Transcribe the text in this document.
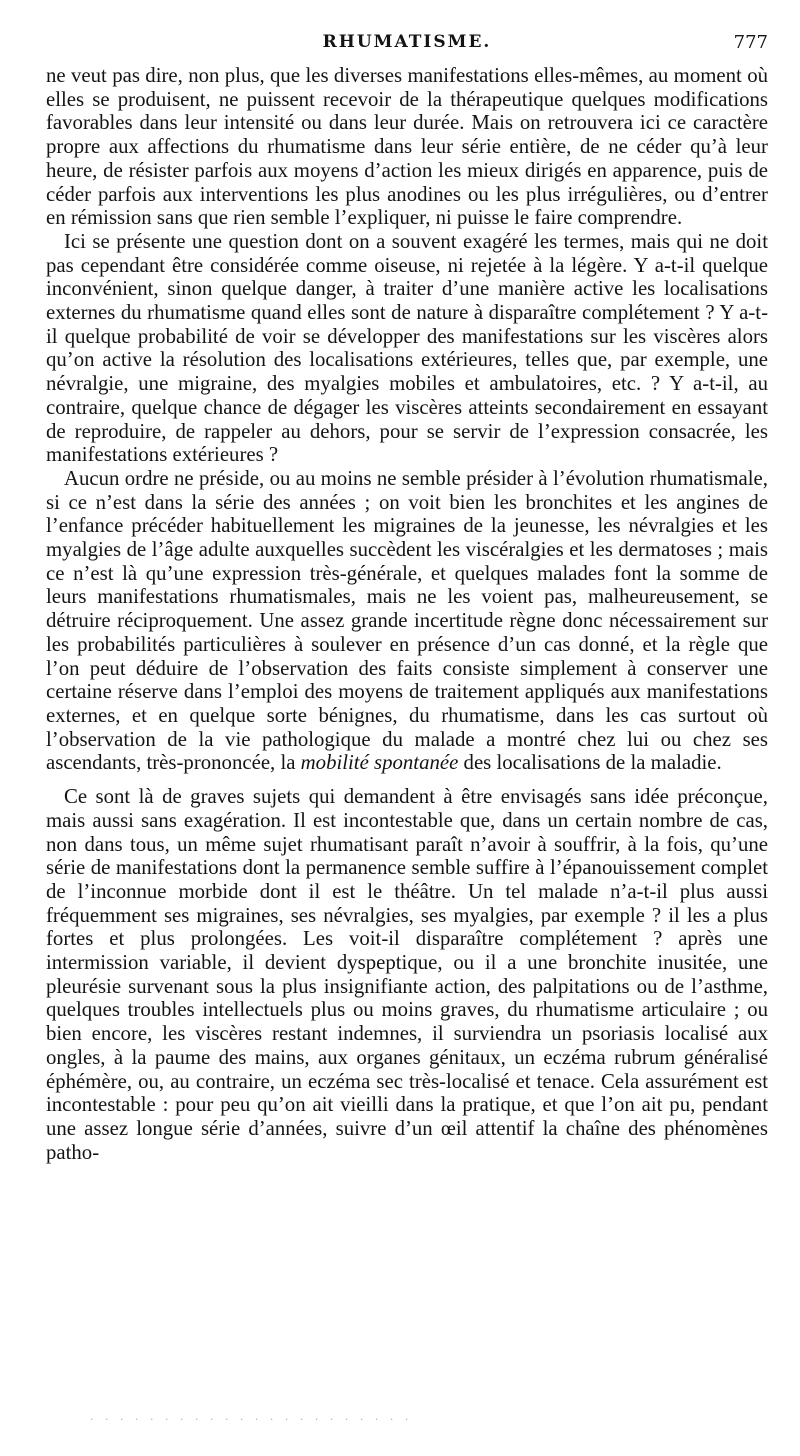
RHUMATISME.	777

ne veut pas dire, non plus, que les diverses manifestations elles-mêmes, au moment où elles se produisent, ne puissent recevoir de la thérapeutique quelques modifications favorables dans leur intensité ou dans leur durée. Mais on retrouvera ici ce caractère propre aux affections du rhumatisme dans leur série entière, de ne céder qu’à leur heure, de résister parfois aux moyens d’action les mieux dirigés en apparence, puis de céder parfois aux interventions les plus anodines ou les plus irrégulières, ou d’entrer en rémission sans que rien semble l’expliquer, ni puisse le faire comprendre.

Ici se présente une question dont on a souvent exagéré les termes, mais qui ne doit pas cependant être considérée comme oiseuse, ni rejetée à la légère. Y a-t-il quelque inconvénient, sinon quelque danger, à traiter d’une manière active les localisations externes du rhumatisme quand elles sont de nature à disparaître complétement ? Y a-t-il quelque probabilité de voir se développer des manifestations sur les viscères alors qu’on active la résolution des localisations extérieures, telles que, par exemple, une névralgie, une migraine, des myalgies mobiles et ambulatoires, etc. ? Y a-t-il, au contraire, quelque chance de dégager les viscères atteints secondairement en essayant de reproduire, de rappeler au dehors, pour se servir de l’expression consacrée, les manifestations extérieures ?

Aucun ordre ne préside, ou au moins ne semble présider à l’évolution rhumatismale, si ce n’est dans la série des années ; on voit bien les bronchites et les angines de l’enfance précéder habituellement les migraines de la jeunesse, les névralgies et les myalgies de l’âge adulte auxquelles succèdent les viscéralgies et les dermatoses ; mais ce n’est là qu’une expression très-générale, et quelques malades font la somme de leurs manifestations rhumatismales, mais ne les voient pas, malheureusement, se détruire réciproquement. Une assez grande incertitude règne donc nécessairement sur les probabilités particulières à soulever en présence d’un cas donné, et la règle que l’on peut déduire de l’observation des faits consiste simplement à conserver une certaine réserve dans l’emploi des moyens de traitement appliqués aux manifestations externes, et en quelque sorte bénignes, du rhumatisme, dans les cas surtout où l’observation de la vie pathologique du malade a montré chez lui ou chez ses ascendants, très-prononcée, la mobilité spontanée des localisations de la maladie.

Ce sont là de graves sujets qui demandent à être envisagés sans idée préconçue, mais aussi sans exagération. Il est incontestable que, dans un certain nombre de cas, non dans tous, un même sujet rhumatisant paraît n’avoir à souffrir, à la fois, qu’une série de manifestations dont la permanence semble suffire à l’épanouissement complet de l’inconnue morbide dont il est le théâtre. Un tel malade n’a-t-il plus aussi fréquemment ses migraines, ses névralgies, ses myalgies, par exemple ? il les a plus fortes et plus prolongées. Les voit-il disparaître complétement ? après une intermission variable, il devient dyspeptique, ou il a une bronchite inusitée, une pleurésie survenant sous la plus insignifiante action, des palpitations ou de l’asthme, quelques troubles intellectuels plus ou moins graves, du rhumatisme articulaire ; ou bien encore, les viscères restant indemnes, il surviendra un psoriasis localisé aux ongles, à la paume des mains, aux organes génitaux, un eczéma rubrum généralisé éphémère, ou, au contraire, un eczéma sec très-localisé et tenace. Cela assurément est incontestable : pour peu qu’on ait vieilli dans la pratique, et que l’on ait pu, pendant une assez longue série d’années, suivre d’un œil attentif la chaîne des phénomènes patho-

· · · · · · · · · · · · · · · · · · · · · ·
